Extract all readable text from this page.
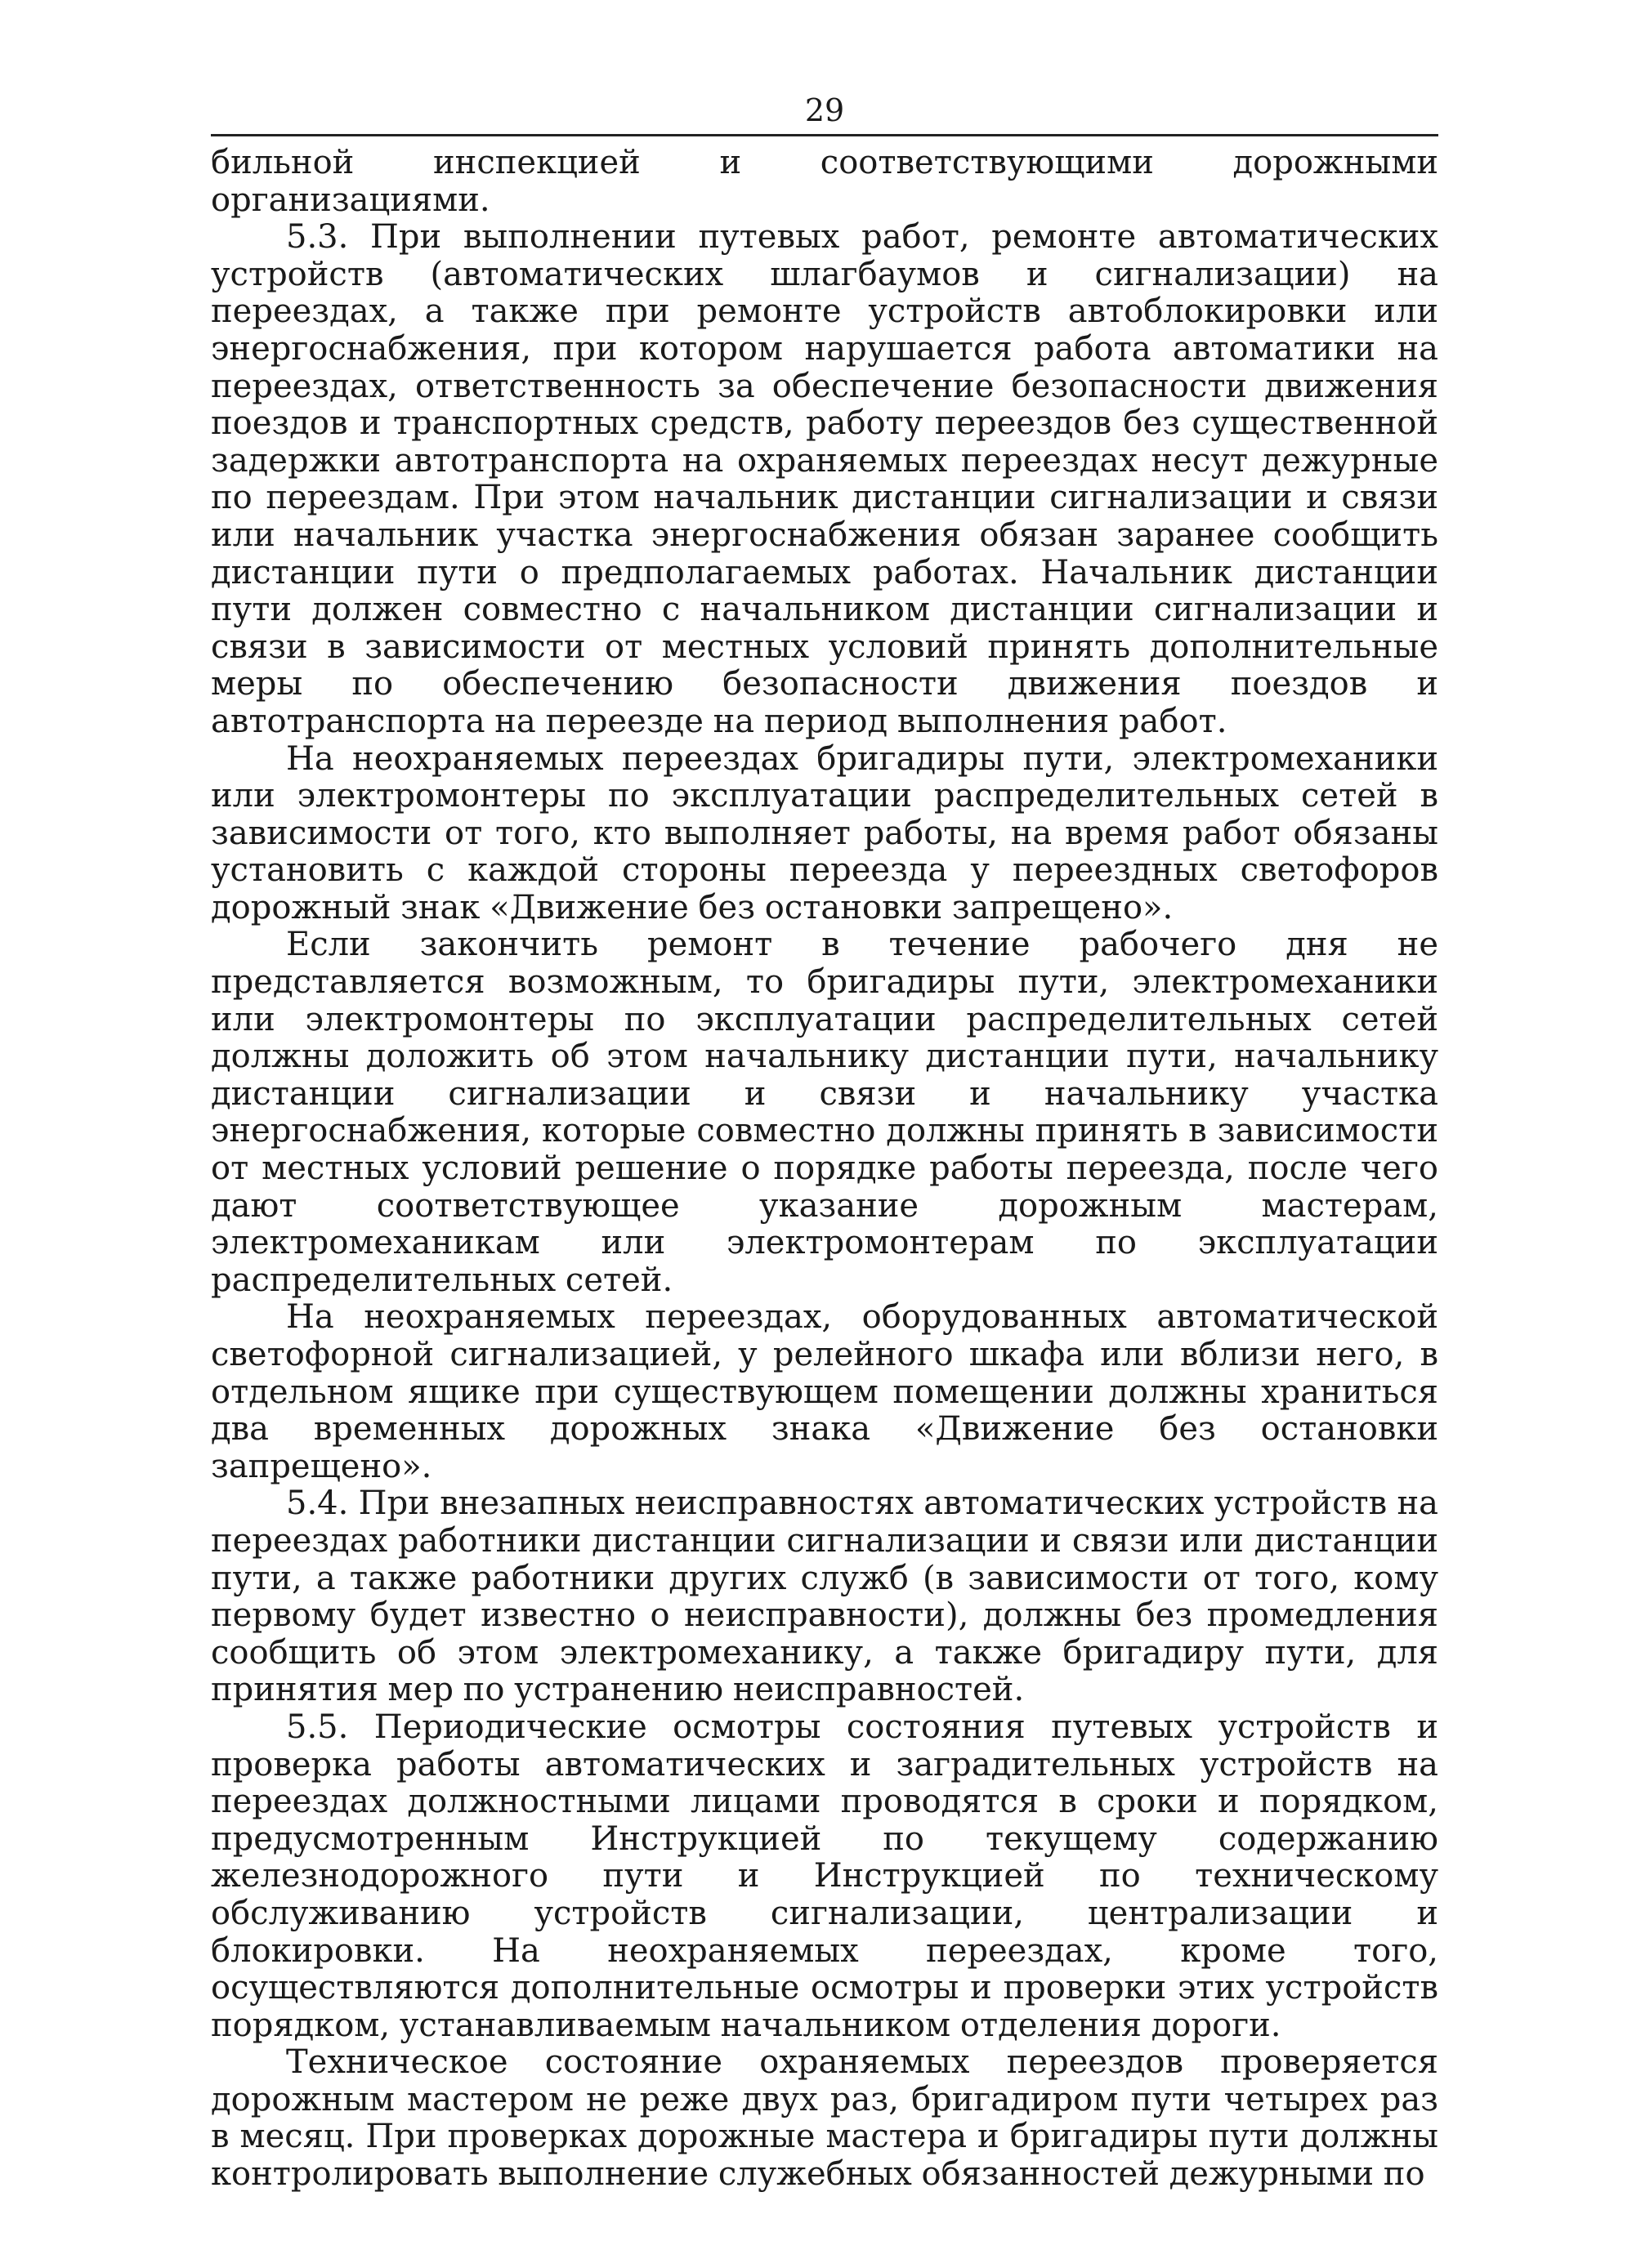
29

бильной инспекцией и соответствующими дорожными организациями.

5.3. При выполнении путевых работ, ремонте автоматических устройств (автоматических шлагбаумов и сигнализации) на переездах, а также при ремонте устройств автоблокировки или энергоснабжения, при котором нарушается работа автоматики на переездах, ответственность за обеспечение безопасности движения поездов и транспортных средств, работу переездов без существенной задержки автотранспорта на охраняемых переездах несут дежурные по переездам. При этом начальник дистанции сигнализации и связи или начальник участка энергоснабжения обязан заранее сообщить дистанции пути о предполагаемых работах. Начальник дистанции пути должен совместно с начальником дистанции сигнализации и связи в зависимости от местных условий принять дополнительные меры по обеспечению безопасности движения поездов и автотранспорта на переезде на период выполнения работ.

На неохраняемых переездах бригадиры пути, электромеханики или электромонтеры по эксплуатации распределительных сетей в зависимости от того, кто выполняет работы, на время работ обязаны установить с каждой стороны переезда у переездных светофоров дорожный знак «Движение без остановки запрещено».

Если закончить ремонт в течение рабочего дня не представляется возможным, то бригадиры пути, электромеханики или электромонтеры по эксплуатации распределительных сетей должны доложить об этом начальнику дистанции пути, начальнику дистанции сигнализации и связи и начальнику участка энергоснабжения, которые совместно должны принять в зависимости от местных условий решение о порядке работы переезда, после чего дают соответствующее указание дорожным мастерам, электромеханикам или электромонтерам по эксплуатации распределительных сетей.

На неохраняемых переездах, оборудованных автоматической светофорной сигнализацией, у релейного шкафа или вблизи него, в отдельном ящике при существующем помещении должны храниться два временных дорожных знака «Движение без остановки запрещено».

5.4. При внезапных неисправностях автоматических устройств на переездах работники дистанции сигнализации и связи или дистанции пути, а также работники других служб (в зависимости от того, кому первому будет известно о неисправности), должны без промедления сообщить об этом электромеханику, а также бригадиру пути, для принятия мер по устранению неисправностей.

5.5. Периодические осмотры состояния путевых устройств и проверка работы автоматических и заградительных устройств на переездах должностными лицами проводятся в сроки и порядком, предусмотренным Инструкцией по текущему содержанию железнодорожного пути и Инструкцией по техническому обслуживанию устройств сигнализации, централизации и блокировки. На неохраняемых переездах, кроме того, осуществляются дополнительные осмотры и проверки этих устройств порядком, устанавливаемым начальником отделения дороги.

Техническое состояние охраняемых переездов проверяется дорожным мастером не реже двух раз, бригадиром пути четырех раз в месяц. При проверках дорожные мастера и бригадиры пути должны контролировать выполнение служебных обязанностей дежурными по
